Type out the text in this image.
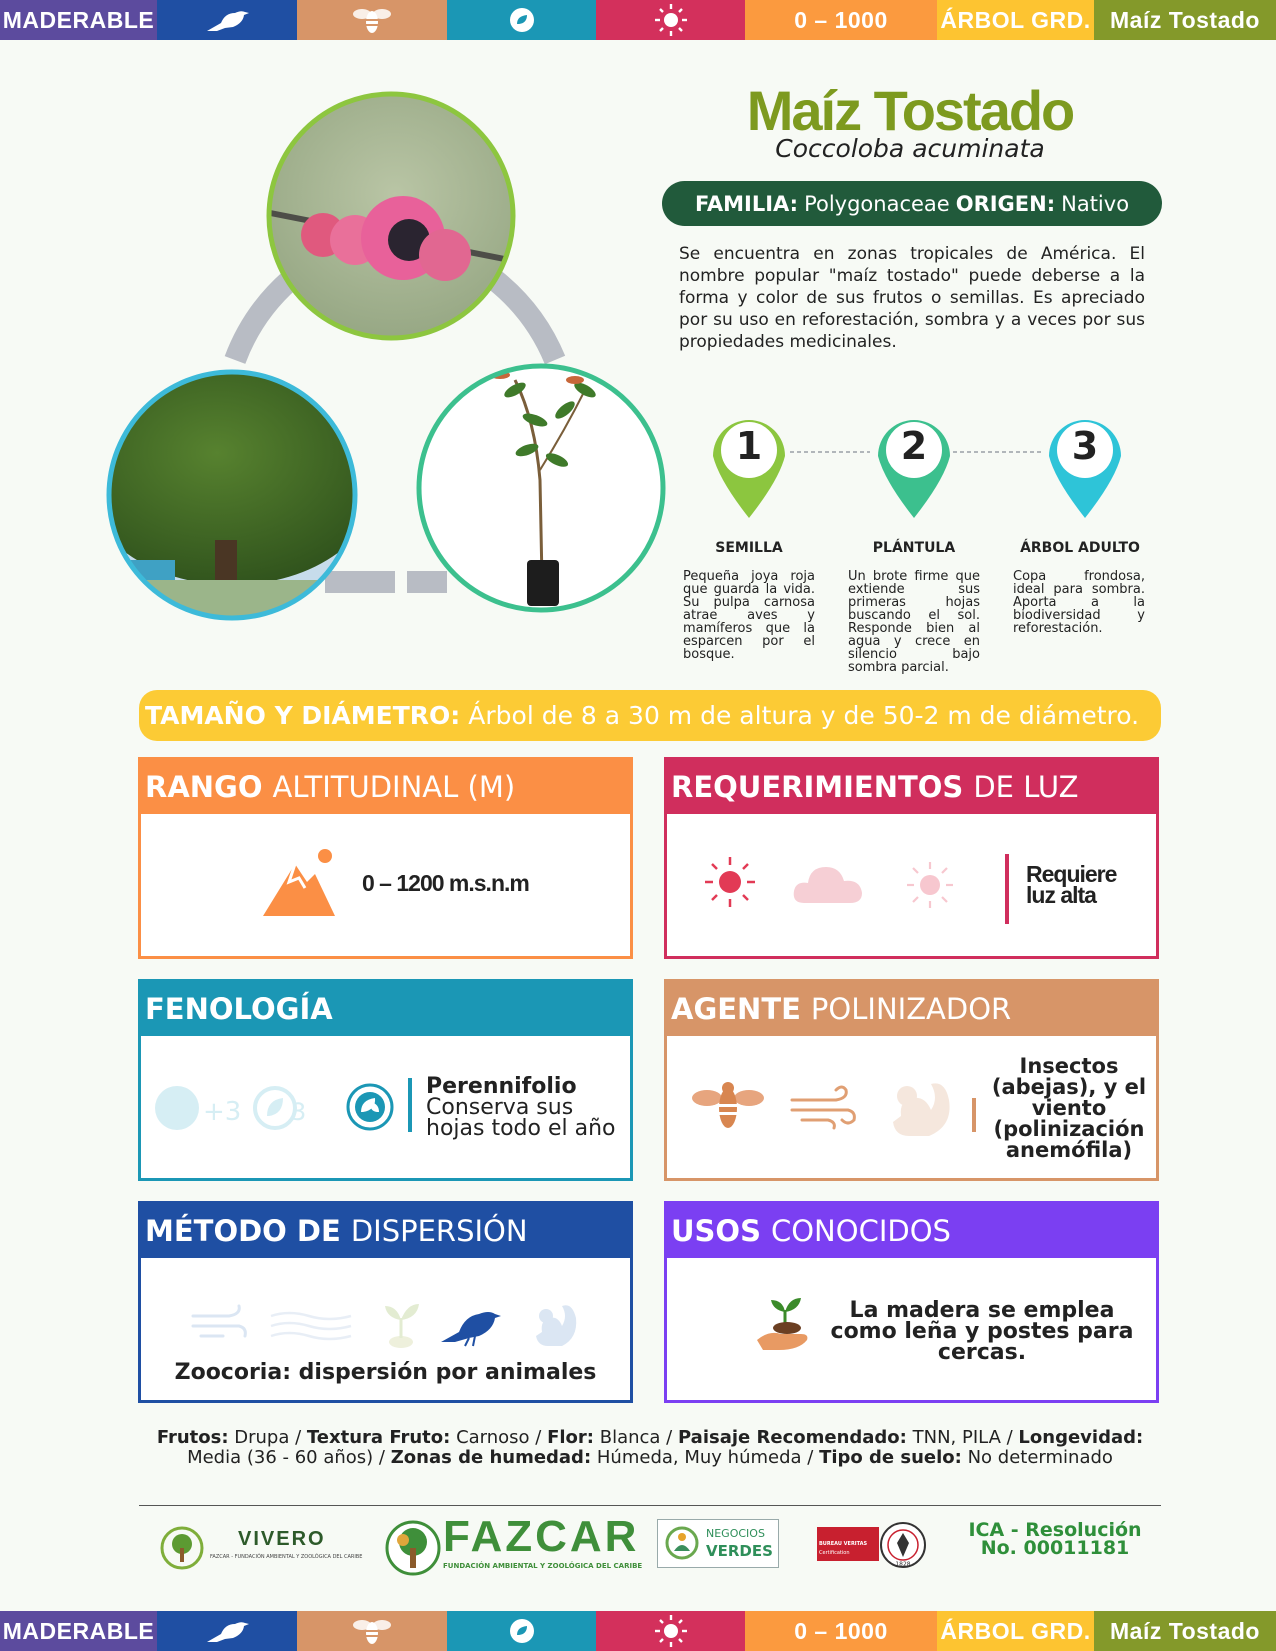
MADERABLE	0 – 1000	ÁRBOL GRD. Maíz Tostado
Maíz Tostado
Coccoloba acuminata
FAMILIA: Polygonaceae ORIGEN: Nativo
Se encuentra en zonas tropicales de América. El nombre popular "maíz tostado" puede deberse a la forma y color de sus frutos o semillas. Es apreciado por su uso en reforestación, sombra y a veces por sus propiedades medicinales.
1	2	3
SEMILLA	PLÁNTULA	ÁRBOL ADULTO
Pequeña joya roja que guarda la vida. Su pulpa carnosa atrae aves y mamíferos que la esparcen por el bosque.
Un brote firme que extiende sus primeras hojas buscando el sol. Responde bien al agua y crece en silencio bajo sombra parcial.
Copa frondosa, ideal para sombra. Aporta a la biodiversidad y reforestación.
TAMAÑO Y DIÁMETRO: Árbol de 8 a 30 m de altura y de 50-2 m de diámetro.
RANGO ALTITUDINAL (M)
0 – 1200 m.s.n.m
REQUERIMIENTOS DE LUZ
Requiere
luz alta
FENOLOGÍA
+3 3
Perennifolio
Conserva sus
hojas todo el año
AGENTE POLINIZADOR
Insectos
(abejas), y el
viento
(polinización
anemófila)
MÉTODO DE DISPERSIÓN
Zoocoria: dispersión por animales
USOS CONOCIDOS
La madera se emplea
como leña y postes para
cercas.
Frutos: Drupa / Textura Fruto: Carnoso / Flor: Blanca / Paisaje Recomendado: TNN, PILA / Longevidad: Media (36 - 60 años) / Zonas de humedad: Húmeda, Muy húmeda / Tipo de suelo: No determinado
VIVERO
FAZCAR - FUNDACIÓN AMBIENTAL Y ZOOLÓGICA DEL CARIBE FAZCAR
FUNDACIÓN AMBIENTAL Y ZOOLÓGICA DEL CARIBE
NEGOCIOS
VERDES	BUREAU VERITAS
Certification
1828
ICA - Resolución
No. 00011181
MADERABLE	0 – 1000	ÁRBOL GRD. Maíz Tostado
